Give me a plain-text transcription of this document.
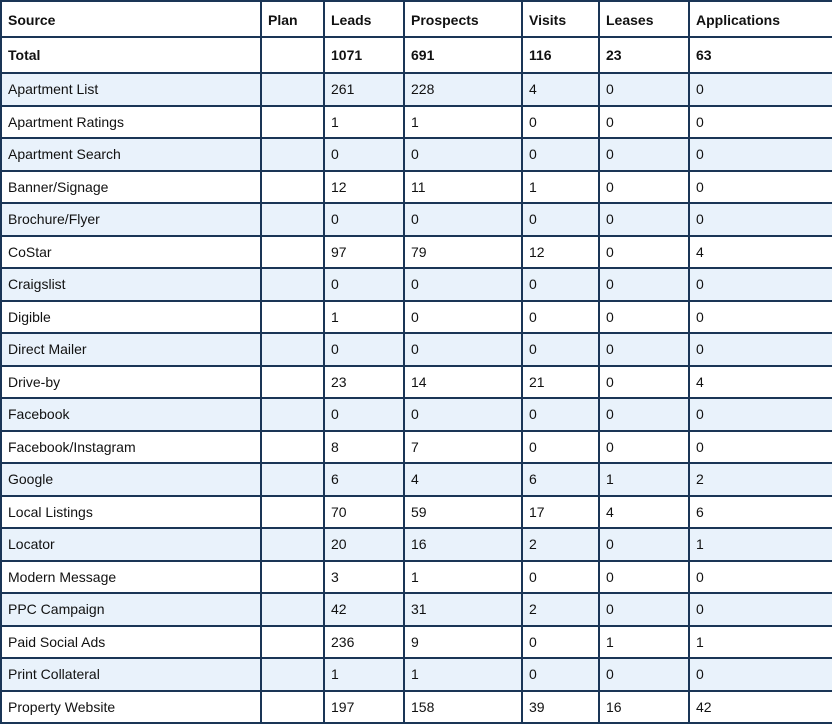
Source	Plan	Leads	Prospects	Visits	Leases	Applications
Total		1071	691	116	23	63
Apartment List		261	228	4	0	0
Apartment Ratings		1	1	0	0	0
Apartment Search		0	0	0	0	0
Banner/Signage		12	11	1	0	0
Brochure/Flyer		0	0	0	0	0
CoStar		97	79	12	0	4
Craigslist		0	0	0	0	0
Digible		1	0	0	0	0
Direct Mailer		0	0	0	0	0
Drive-by		23	14	21	0	4
Facebook		0	0	0	0	0
Facebook/Instagram		8	7	0	0	0
Google		6	4	6	1	2
Local Listings		70	59	17	4	6
Locator		20	16	2	0	1
Modern Message		3	1	0	0	0
PPC Campaign		42	31	2	0	0
Paid Social Ads		236	9	0	1	1
Print Collateral		1	1	0	0	0
Property Website		197	158	39	16	42
